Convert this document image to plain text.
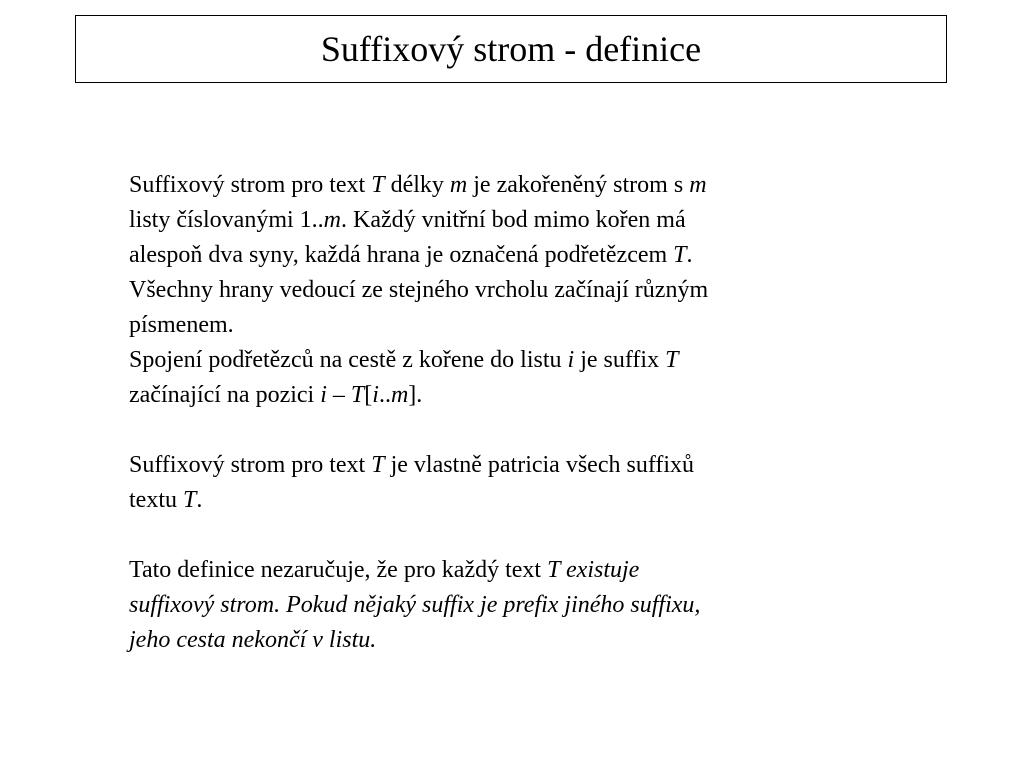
Suffixový strom - definice
Suffixový strom pro text T délky m je zakořeněný strom s m
listy číslovanými 1..m. Každý vnitřní bod mimo kořen má
alespoň dva syny, každá hrana je označená podřetězcem T.
Všechny hrany vedoucí ze stejného vrcholu začínají různým
písmenem.
Spojení podřetězců na cestě z kořene do listu i je suffix T
začínající na pozici i – T[i..m].
Suffixový strom pro text T je vlastně patricia všech suffixů
textu T.
Tato definice nezaručuje, že pro každý text T existuje
suffixový strom. Pokud nějaký suffix je prefix jiného suffixu,
jeho cesta nekončí v listu.
